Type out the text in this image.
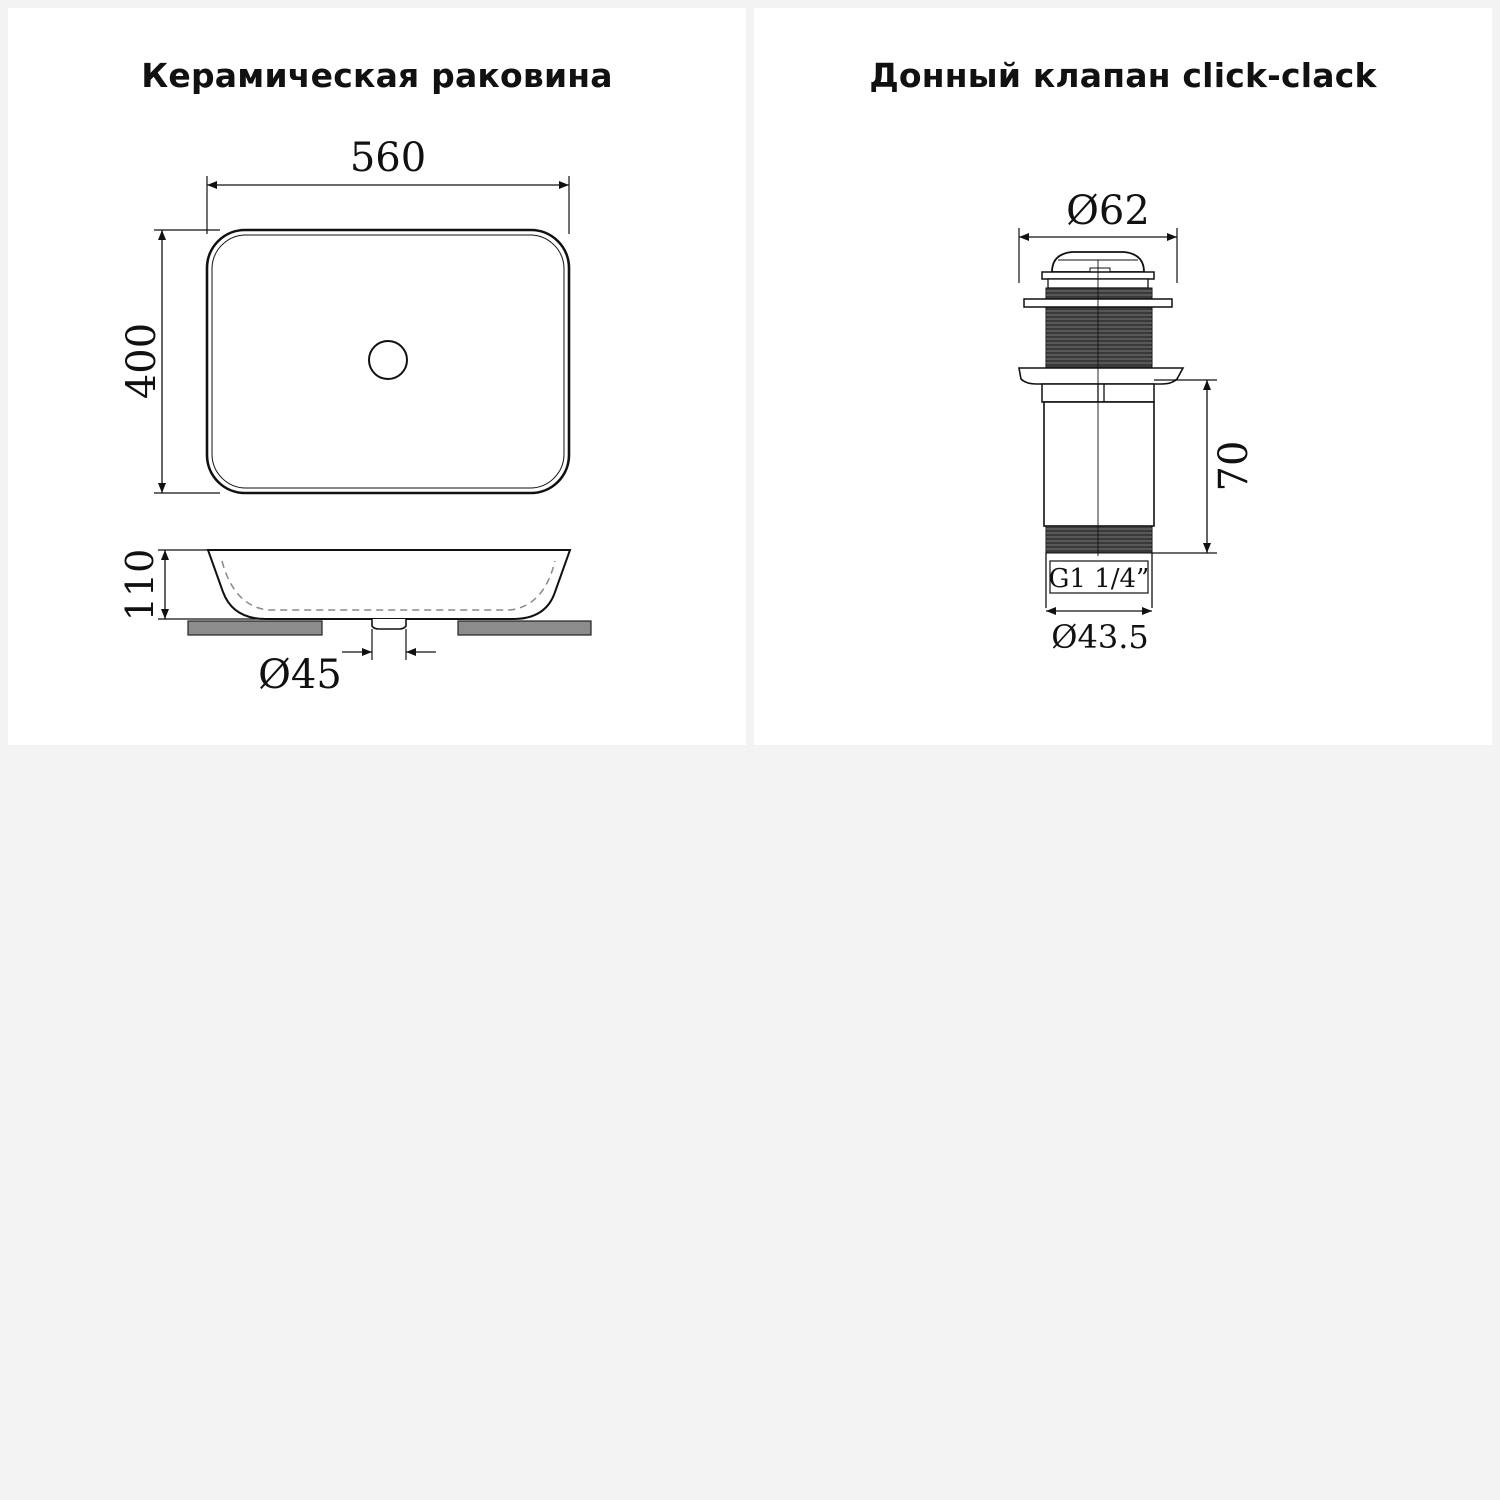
Керамическая раковина
560
400
110
Ø45
Донный клапан click-clack
Ø62
70
G1 1/4”
Ø43.5
